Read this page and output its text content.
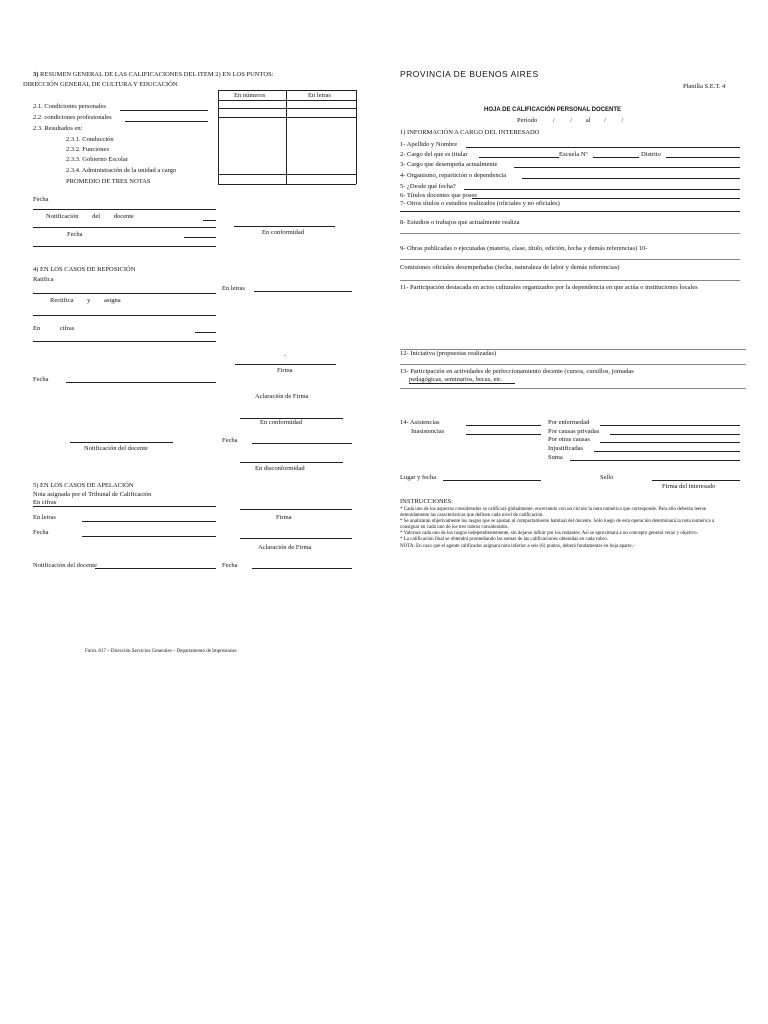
3) RESUMEN GENERAL DE LAS CALIFICACIONES DEL ITEM 2) EN LOS PUNTOS:
DIRECCIÓN GENERAL DE CULTURA Y EDUCACIÓN
En números	En letras
2.1. Condiciones personales
2.2. condiciones profesionales
2.3. Resultados en:
2.3.1. Conducción
2.3.2. Funciones
2.3.3. Gobierno Escolar
2.3.4. Administración de la unidad a cargo
PROMEDIO DE TRES NOTAS
Fecha
Notificación del docente
Fecha	En conformidad
4) EN LOS CASOS DE REPOSICIÓN
Ratifica
En letras
Rectifica y asigna
En	cifras
-
Firma
Fecha
Aclaración de Firma
En conformidad
Fecha
Notificación del docente
En disconformidad
5) EN LOS CASOS DE APELACIÓN
Nota asignada por el Tribunal de Calificación
En cifras
En letras	Firma
Fecha
Aclaración de Firma
Notificación del docente	Fecha
Form. 817 – Dirección Servicios Generales – Departamento de Impresiones
PROVINCIA DE BUENOS AIRES
Planilla S.E.T. 4
HOJA DE CALIFICACIÓN PERSONAL DOCENTE
Período / / al / /
1) INFORMACIÓN A CARGO DEL INTERESADO
1- Apellido y Nombre
2- Cargo del que es titular	Escuela Nº	Distrito
3- Cargo que desempeña actualmente
4- Organismo, repartición o dependencia
5- ¿Desde qué fecha?
6- Títulos docentes que posee
7- Otros títulos o estudios realizados (oficiales y no oficiales)
8- Estudios o trabajos que actualmente realiza
9- Obras publicadas o ejecutadas (materia, clase, título, edición, fecha y demás referencias) 10-
Comisiones oficiales desempeñadas (fecha, naturaleza de labor y demás referencias)
11- Participación destacada en actos culturales organizados por la dependencia en que actúa o instituciones locales
12- Iniciativa (propuestas realizadas)
13- Participación en actividades de perfeccionamiento docente (cursos, cursillos, jornadas
pedagógicas, seminarios, becas, etc.
14- Asistencias
Inasistencias
Por enfermedad
Por causas privadas
Por otras causas
Injustificadas
Suma
Lugar y fecha	Sello
Firma del interesado
INSTRUCCIONES:
* Cada uno de los aspectos considerados se calificará globalmente, encerrando con un círculo la nota numérica que corresponde. Para ello deberán leerse detenidamente las características que definen cada nivel de calificación.
* Se analizarán objetivamente los rasgos que se ajustan al comportamiento habitual del docente. Sólo luego de esta operación determinará la nota numérica a consignar en cada uno de los tres rubros considerados.
* Valorará cada uno de los rasgos independientemente, sin dejarse influir por los restantes. Así se aproximará a un concepto general veraz y objetivo.
* La calificación final se obtendrá promediando las sumas de las calificaciones obtenidas en cada rubro.
NOTA: En caso que el agente calificador asignara nota inferior a seis (6) puntos, deberá fundamentar en hoja aparte.-
